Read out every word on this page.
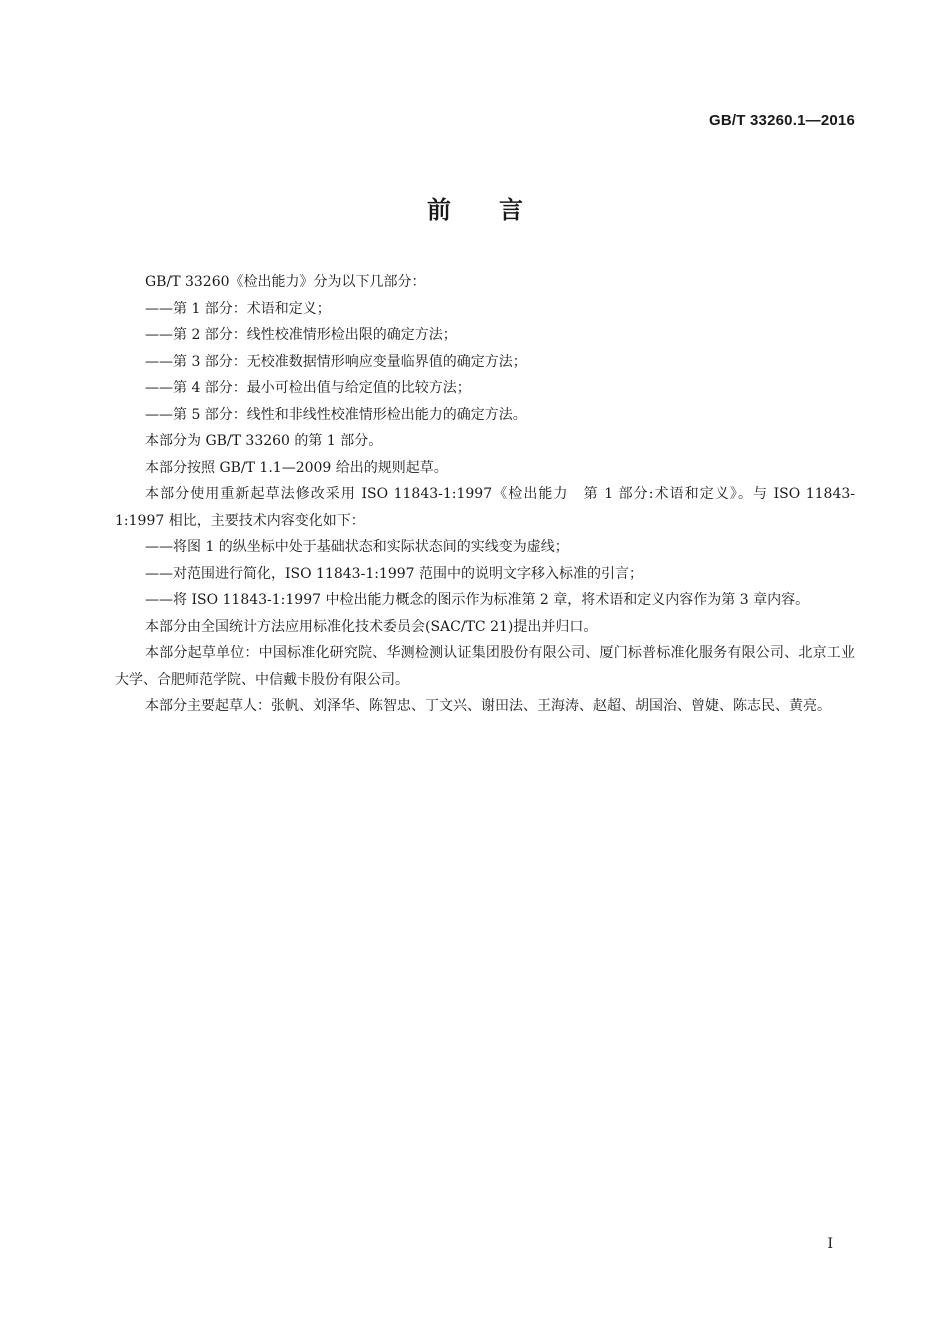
GB/T 33260.1—2016
前言

GB/T 33260《检出能力》分为以下几部分：

——第 1 部分：术语和定义；

——第 2 部分：线性校准情形检出限的确定方法；

——第 3 部分：无校准数据情形响应变量临界值的确定方法；

——第 4 部分：最小可检出值与给定值的比较方法；

——第 5 部分：线性和非线性校准情形检出能力的确定方法。

本部分为 GB/T 33260 的第 1 部分。

本部分按照 GB/T 1.1—2009 给出的规则起草。

本部分使用重新起草法修改采用 ISO 11843-1:1997《检出能力　第 1 部分:术语和定义》。与 ISO 11843-1:1997 相比，主要技术内容变化如下：

——将图 1 的纵坐标中处于基础状态和实际状态间的实线变为虚线；

——对范围进行简化，ISO 11843-1:1997 范围中的说明文字移入标准的引言；

——将 ISO 11843-1:1997 中检出能力概念的图示作为标准第 2 章，将术语和定义内容作为第 3 章内容。

本部分由全国统计方法应用标准化技术委员会(SAC/TC 21)提出并归口。

本部分起草单位：中国标准化研究院、华测检测认证集团股份有限公司、厦门标普标准化服务有限公司、北京工业大学、合肥师范学院、中信戴卡股份有限公司。

本部分主要起草人：张帆、刘泽华、陈智忠、丁文兴、谢田法、王海涛、赵超、胡国治、曾婕、陈志民、黄亮。

I
